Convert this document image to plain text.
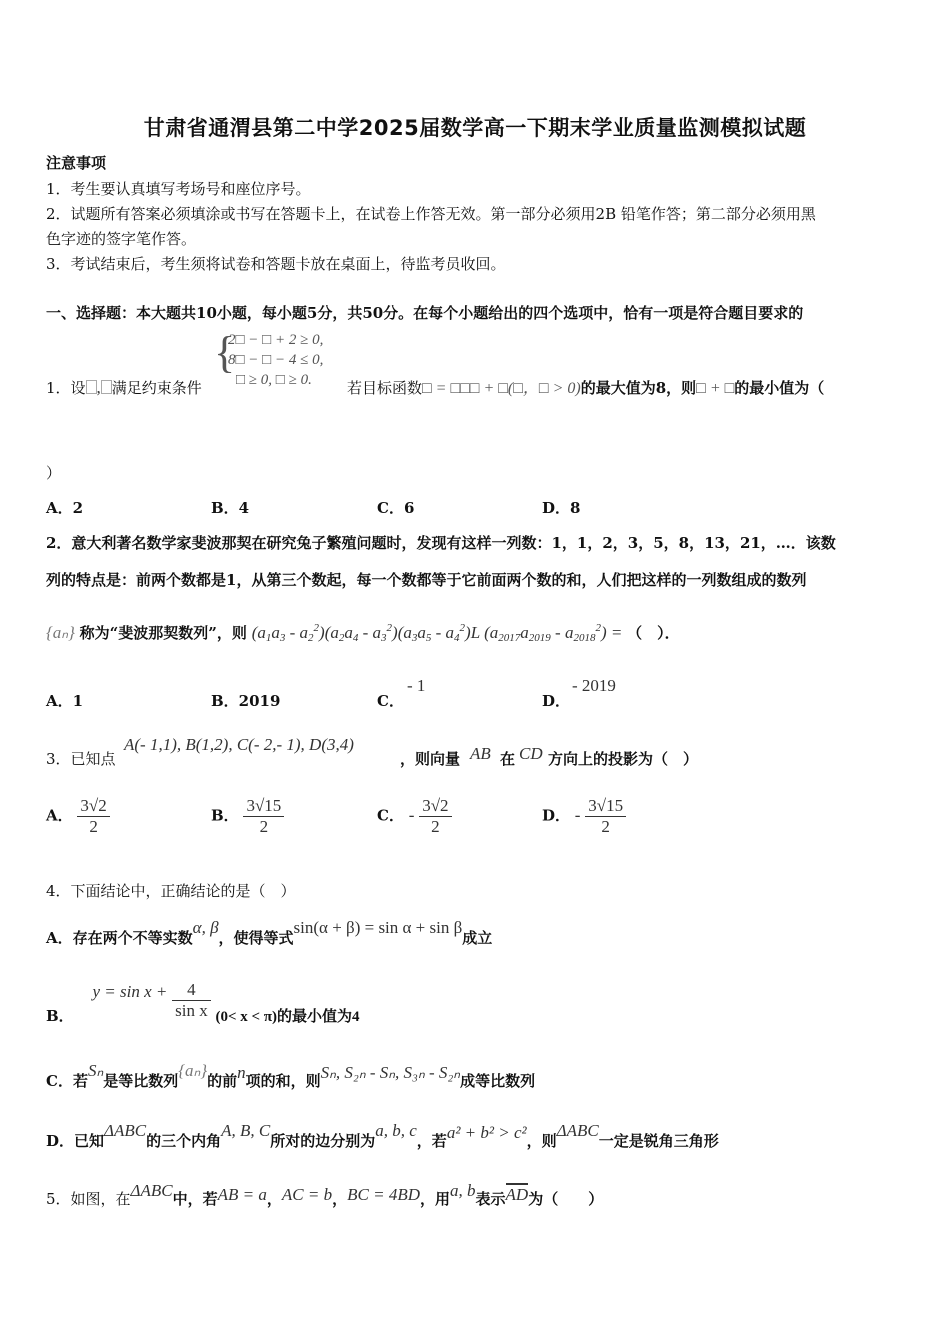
甘肃省通渭县第二中学2025届数学高一下期末学业质量监测模拟试题
注意事项
1．考生要认真填写考场号和座位序号。
2．试题所有答案必须填涂或书写在答题卡上，在试卷上作答无效。第一部分必须用2B 铅笔作答；第二部分必须用黑
色字迹的签字笔作答。
3．考试结束后，考生须将试卷和答题卡放在桌面上，待监考员收回。
一、选择题：本大题共10小题，每小题5分，共50分。在每个小题给出的四个选项中，恰有一项是符合题目要求的
1．设 , 满足约束条件
{
2□ − □ + 2 ≥ 0,
8□ − □ − 4 ≤ 0,
□ ≥ 0, □ ≥ 0. 若目标函数□ = □□□ + □(□，□ > 0)的最大值为8，则□ + □的最小值为（
）
A．2	B．4	C．6	D．8
2．意大利著名数学家斐波那契在研究兔子繁殖问题时，发现有这样一列数：1，1，2，3，5，8，13，21，…．该数
列的特点是：前两个数都是1，从第三个数起，每一个数都等于它前面两个数的和，人们把这样的一列数组成的数列
{aₙ} 称为“斐波那契数列”，则 $(a_1a_3 - a_2^2)(a_2a_4 - a_3^2)(a_3a_5 - a_4^2)L$ $(a_{2017}a_{2019} - a_{2018}^2)$ = （　）．
A．1	B．2019	C．
- 1
D．
- 2019
3．已知点
A(- 1,1), B(1,2), C(- 2,- 1), D(3,4)
，则向量 AB 在 CD 方向上的投影为（　）
A． $\frac{3√2}{2}$	B． $\frac{3√15}{2}$	C． - $\frac{3√2}{2}$	D． - $\frac{3√15}{2}$
4．下面结论中，正确结论的是（　）
A．存在两个不等实数α, β，使得等式sin(α + β) = sin α + sin β成立
B． $y = \sin x + \frac{4}{\text{sin x}} (0< x < \pi)$的最小值为4
C．若Sₙ是等比数列{aₙ}的前n项的和，则Sₙ, S₂ₙ - Sₙ, S₃ₙ - S₂ₙ成等比数列
D．已知ΔABC的三个内角A, B, C所对的边分别为a, b, c，若a² + b² > c²，则ΔABC一定是锐角三角形
5．如图，在ΔABC中，若AB = a，AC = b，BC = 4BD，用a, b表示AD为（　　）
